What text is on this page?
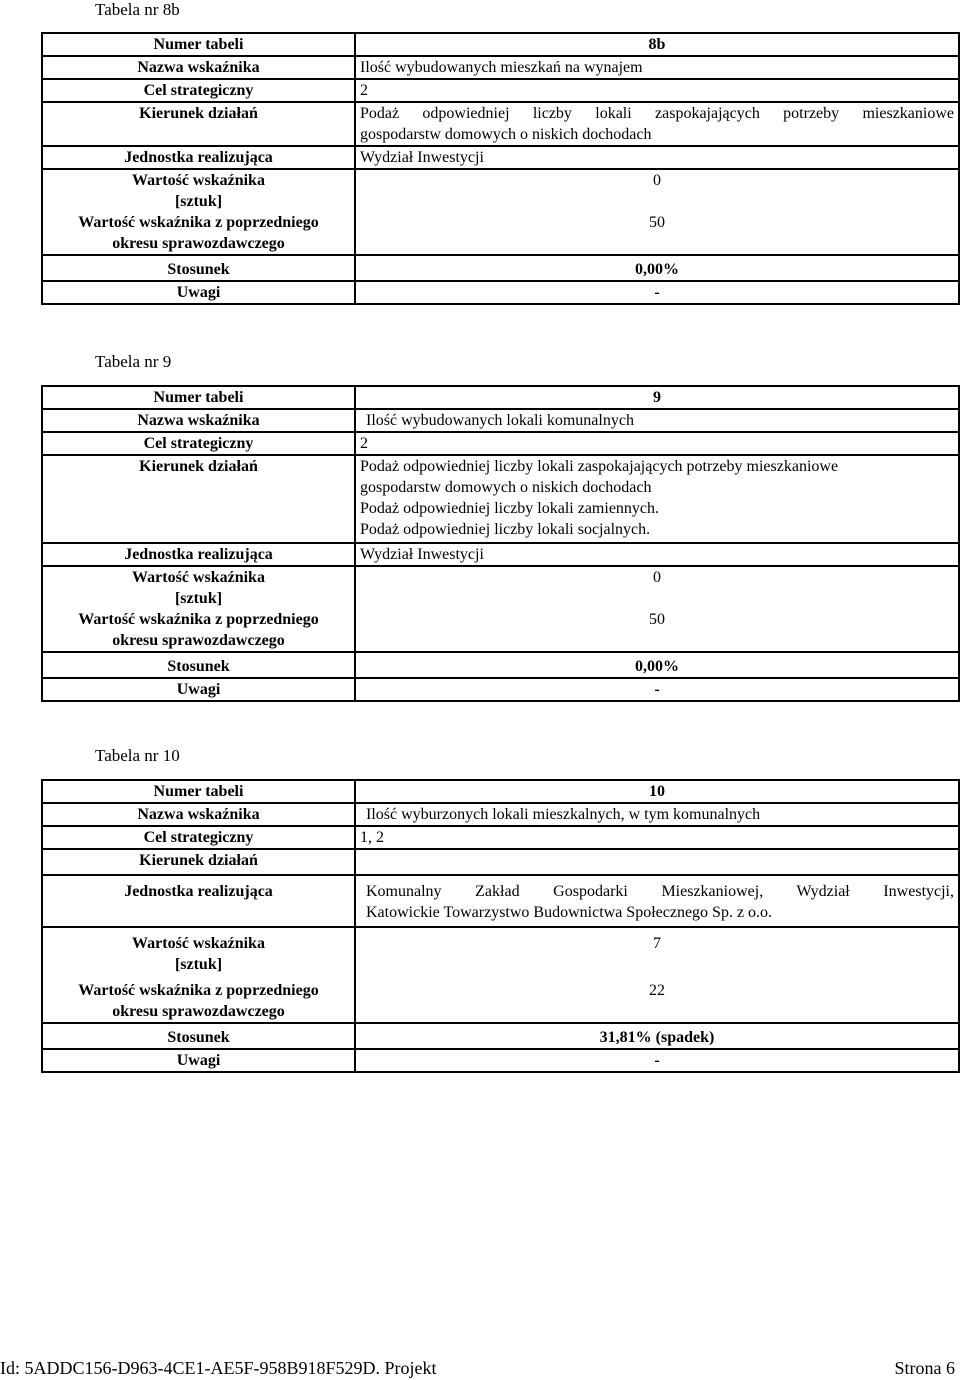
Tabela nr 8b
Numer tabeli	8b
Nazwa wskaźnika	Ilość wybudowanych mieszkań na wynajem
Cel strategiczny	2
Kierunek działań	Podaż odpowiedniej liczby lokali zaspokajających potrzeby mieszkaniowe
gospodarstw domowych o niskich dochodach

Jednostka realizująca	Wydział Inwestycji

Wartość wskaźnika
[sztuk]	0

Wartość wskaźnika z poprzedniego
okresu sprawozdawczego	50
Stosunek	0,00%
Uwagi	-
Tabela nr 9
Numer tabeli	9
Nazwa wskaźnika	Ilość wybudowanych lokali komunalnych
Cel strategiczny	2
Kierunek działań	Podaż odpowiedniej liczby lokali zaspokajających potrzeby mieszkaniowe
gospodarstw domowych o niskich dochodach
Podaż odpowiedniej liczby lokali zamiennych.
Podaż odpowiedniej liczby lokali socjalnych.

Jednostka realizująca	Wydział Inwestycji

Wartość wskaźnika
[sztuk]	0

Wartość wskaźnika z poprzedniego
okresu sprawozdawczego	50
Stosunek	0,00%
Uwagi	-
Tabela nr 10
Numer tabeli	10
Nazwa wskaźnika	Ilość wyburzonych lokali mieszkalnych, w tym komunalnych
Cel strategiczny	1, 2
Kierunek działań	
Jednostka realizująca	Komunalny Zakład Gospodarki Mieszkaniowej, Wydział Inwestycji,
Katowickie Towarzystwo Budownictwa Społecznego Sp. z o.o.

Wartość wskaźnika
[sztuk]	7

Wartość wskaźnika z poprzedniego
okresu sprawozdawczego	22
Stosunek	31,81% (spadek)
Uwagi	-
Id: 5ADDC156-D963-4CE1-AE5F-958B918F529D. Projekt	Strona 6
